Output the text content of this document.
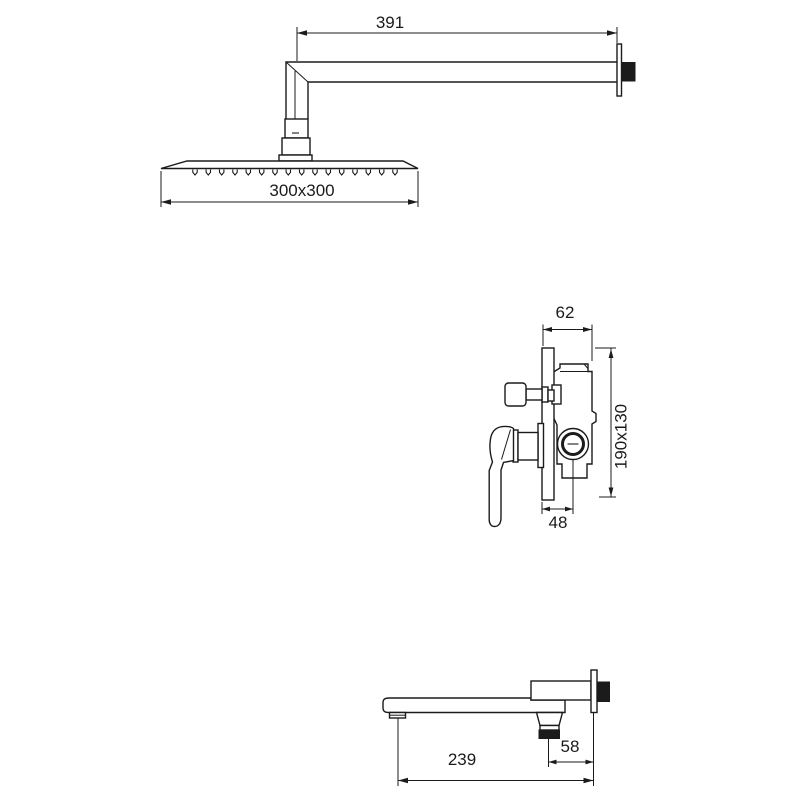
391
300x300
62
190x130
48
58
239
